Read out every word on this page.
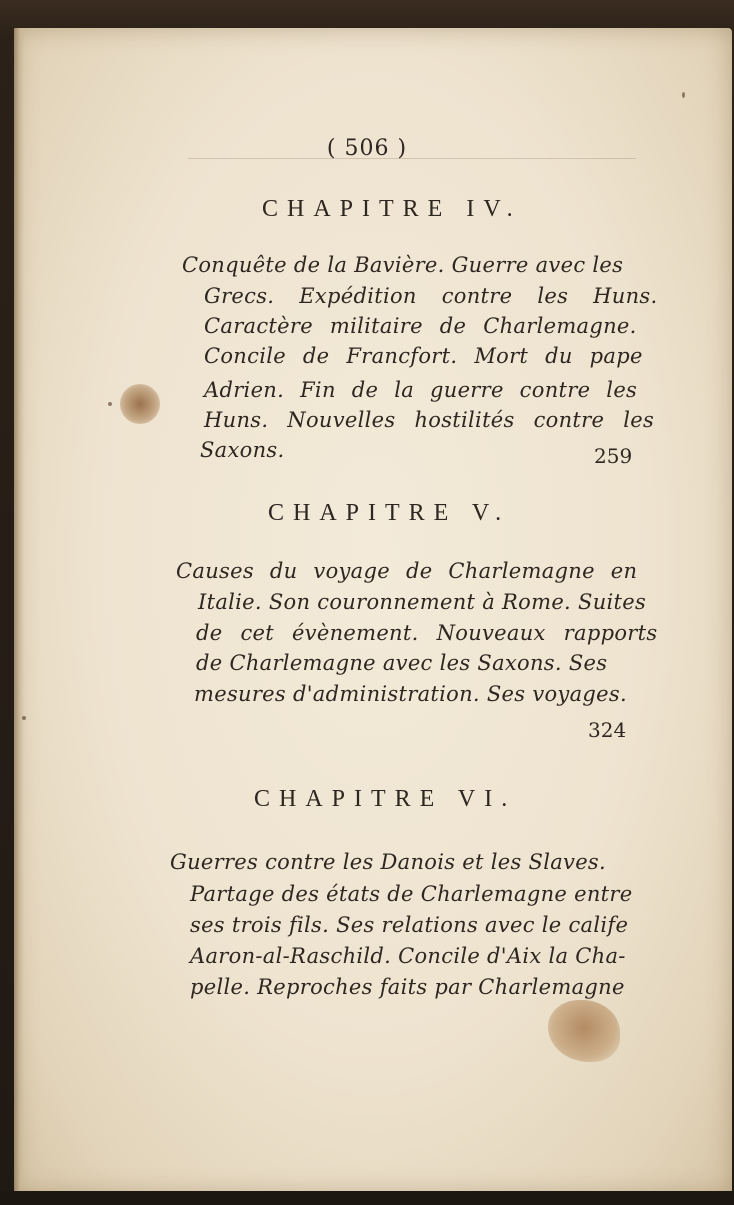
( 506 )
CHAPITRE IV.
Conquête de la Bavière. Guerre avec les
Grecs. Expédition contre les Huns.
Caractère militaire de Charlemagne.
Concile de Francfort. Mort du pape
Adrien. Fin de la guerre contre les
Huns. Nouvelles hostilités contre les
Saxons.	259
CHAPITRE V.
Causes du voyage de Charlemagne en
Italie. Son couronnement à Rome. Suites
de cet évènement. Nouveaux rapports
de Charlemagne avec les Saxons. Ses
mesures d'administration. Ses voyages.
324
CHAPITRE VI.
Guerres contre les Danois et les Slaves.
Partage des états de Charlemagne entre
ses trois fils. Ses relations avec le calife
Aaron-al-Raschild. Concile d'Aix la Cha-
pelle. Reproches faits par Charlemagne
